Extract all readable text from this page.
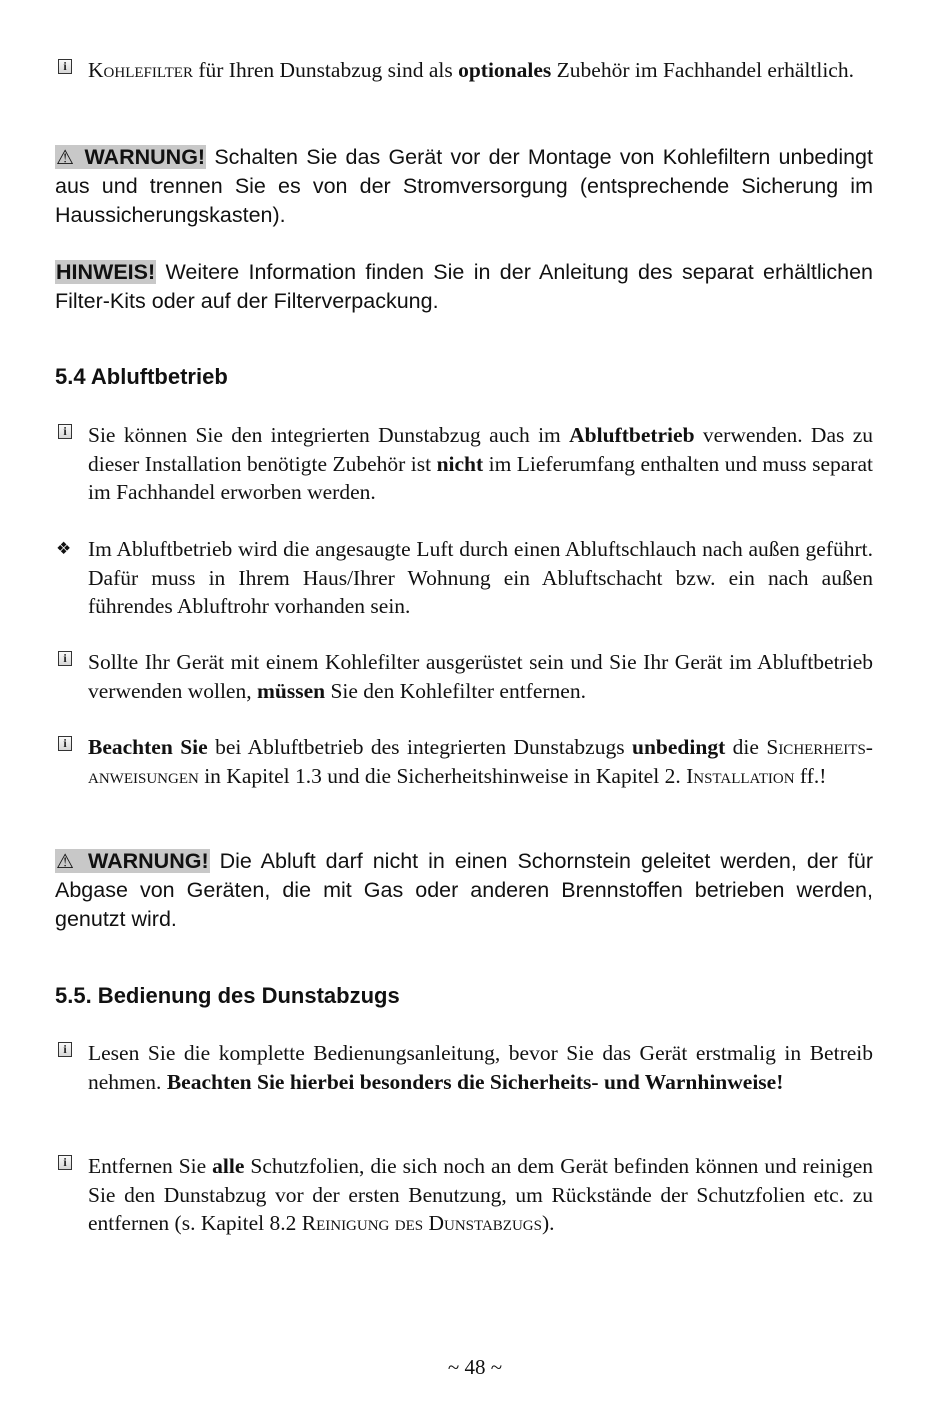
i Kohlefilter für Ihren Dunstabzug sind als optionales Zubehör im Fachhandel erhältlich.
⚠ WARNUNG! Schalten Sie das Gerät vor der Montage von Kohlefiltern unbedingt aus und trennen Sie es von der Stromversorgung (entsprechende Sicherung im Haussicherungskasten).
HINWEIS! Weitere Information finden Sie in der Anleitung des separat erhältlichen Filter-Kits oder auf der Filterverpackung.
5.4 Abluftbetrieb
i Sie können Sie den integrierten Dunstabzug auch im Abluftbetrieb verwenden. Das zu dieser Installation benötigte Zubehör ist nicht im Lieferumfang enthalten und muss separat im Fachhandel erworben werden.
❖ Im Abluftbetrieb wird die angesaugte Luft durch einen Abluftschlauch nach außen geführt. Dafür muss in Ihrem Haus/Ihrer Wohnung ein Abluftschacht bzw. ein nach außen führendes Abluftrohr vorhanden sein.
i Sollte Ihr Gerät mit einem Kohlefilter ausgerüstet sein und Sie Ihr Gerät im Abluftbetrieb verwenden wollen, müssen Sie den Kohlefilter entfernen.
i Beachten Sie bei Abluftbetrieb des integrierten Dunstabzugs unbedingt die Sicherheits-anweisungen in Kapitel 1.3 und die Sicherheitshinweise in Kapitel 2. Installation ff.!
⚠ WARNUNG! Die Abluft darf nicht in einen Schornstein geleitet werden, der für Abgase von Geräten, die mit Gas oder anderen Brennstoffen betrieben werden, genutzt wird.
5.5. Bedienung des Dunstabzugs
i Lesen Sie die komplette Bedienungsanleitung, bevor Sie das Gerät erstmalig in Betreib nehmen. Beachten Sie hierbei besonders die Sicherheits- und Warnhinweise!
i Entfernen Sie alle Schutzfolien, die sich noch an dem Gerät befinden können und reinigen Sie den Dunstabzug vor der ersten Benutzung, um Rückstände der Schutzfolien etc. zu entfernen (s. Kapitel 8.2 Reinigung des Dunstabzugs).
~ 48 ~
